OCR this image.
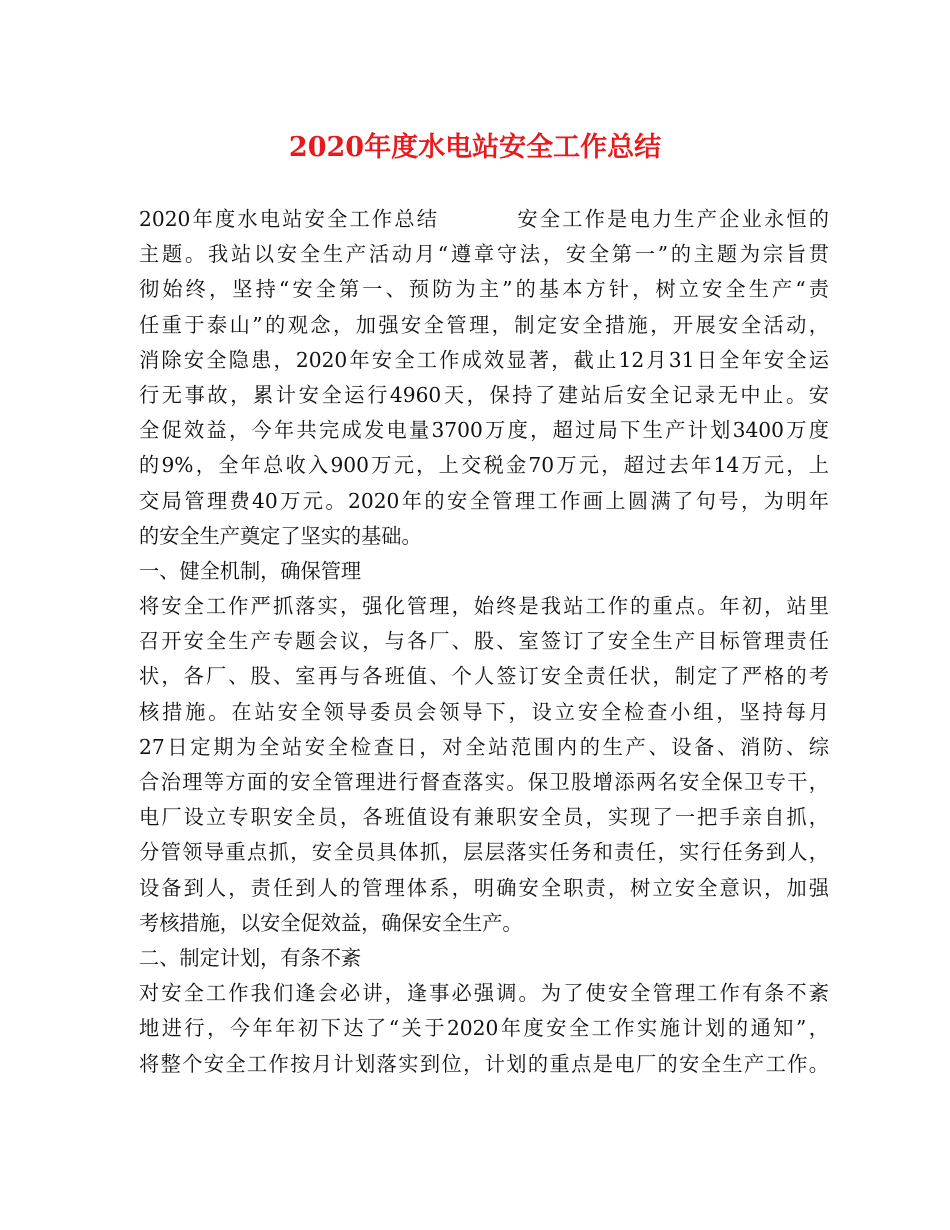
2020年度水电站安全工作总结
2020年度水电站安全工作总结	安全工作是电力生产企业永恒的
主题。我站以安全生产活动月“遵章守法，安全第一”的主题为宗旨贯
彻始终，坚持“安全第一、预防为主”的基本方针，树立安全生产“责
任重于泰山”的观念，加强安全管理，制定安全措施，开展安全活动，
消除安全隐患，2020年安全工作成效显著，截止12月31日全年安全运
行无事故，累计安全运行4960天，保持了建站后安全记录无中止。安
全促效益，今年共完成发电量3700万度，超过局下生产计划3400万度
的9%，全年总收入900万元，上交税金70万元，超过去年14万元，上
交局管理费40万元。2020年的安全管理工作画上圆满了句号，为明年
的安全生产奠定了坚实的基础。
一、健全机制，确保管理
将安全工作严抓落实，强化管理，始终是我站工作的重点。年初，站里
召开安全生产专题会议，与各厂、股、室签订了安全生产目标管理责任
状，各厂、股、室再与各班值、个人签订安全责任状，制定了严格的考
核措施。在站安全领导委员会领导下，设立安全检查小组，坚持每月
27日定期为全站安全检查日，对全站范围内的生产、设备、消防、综
合治理等方面的安全管理进行督查落实。保卫股增添两名安全保卫专干，
电厂设立专职安全员，各班值设有兼职安全员，实现了一把手亲自抓，
分管领导重点抓，安全员具体抓，层层落实任务和责任，实行任务到人，
设备到人，责任到人的管理体系，明确安全职责，树立安全意识，加强
考核措施，以安全促效益，确保安全生产。
二、制定计划，有条不紊
对安全工作我们逢会必讲，逢事必强调。为了使安全管理工作有条不紊
地进行，今年年初下达了“关于2020年度安全工作实施计划的通知”，
将整个安全工作按月计划落实到位，计划的重点是电厂的安全生产工作。
